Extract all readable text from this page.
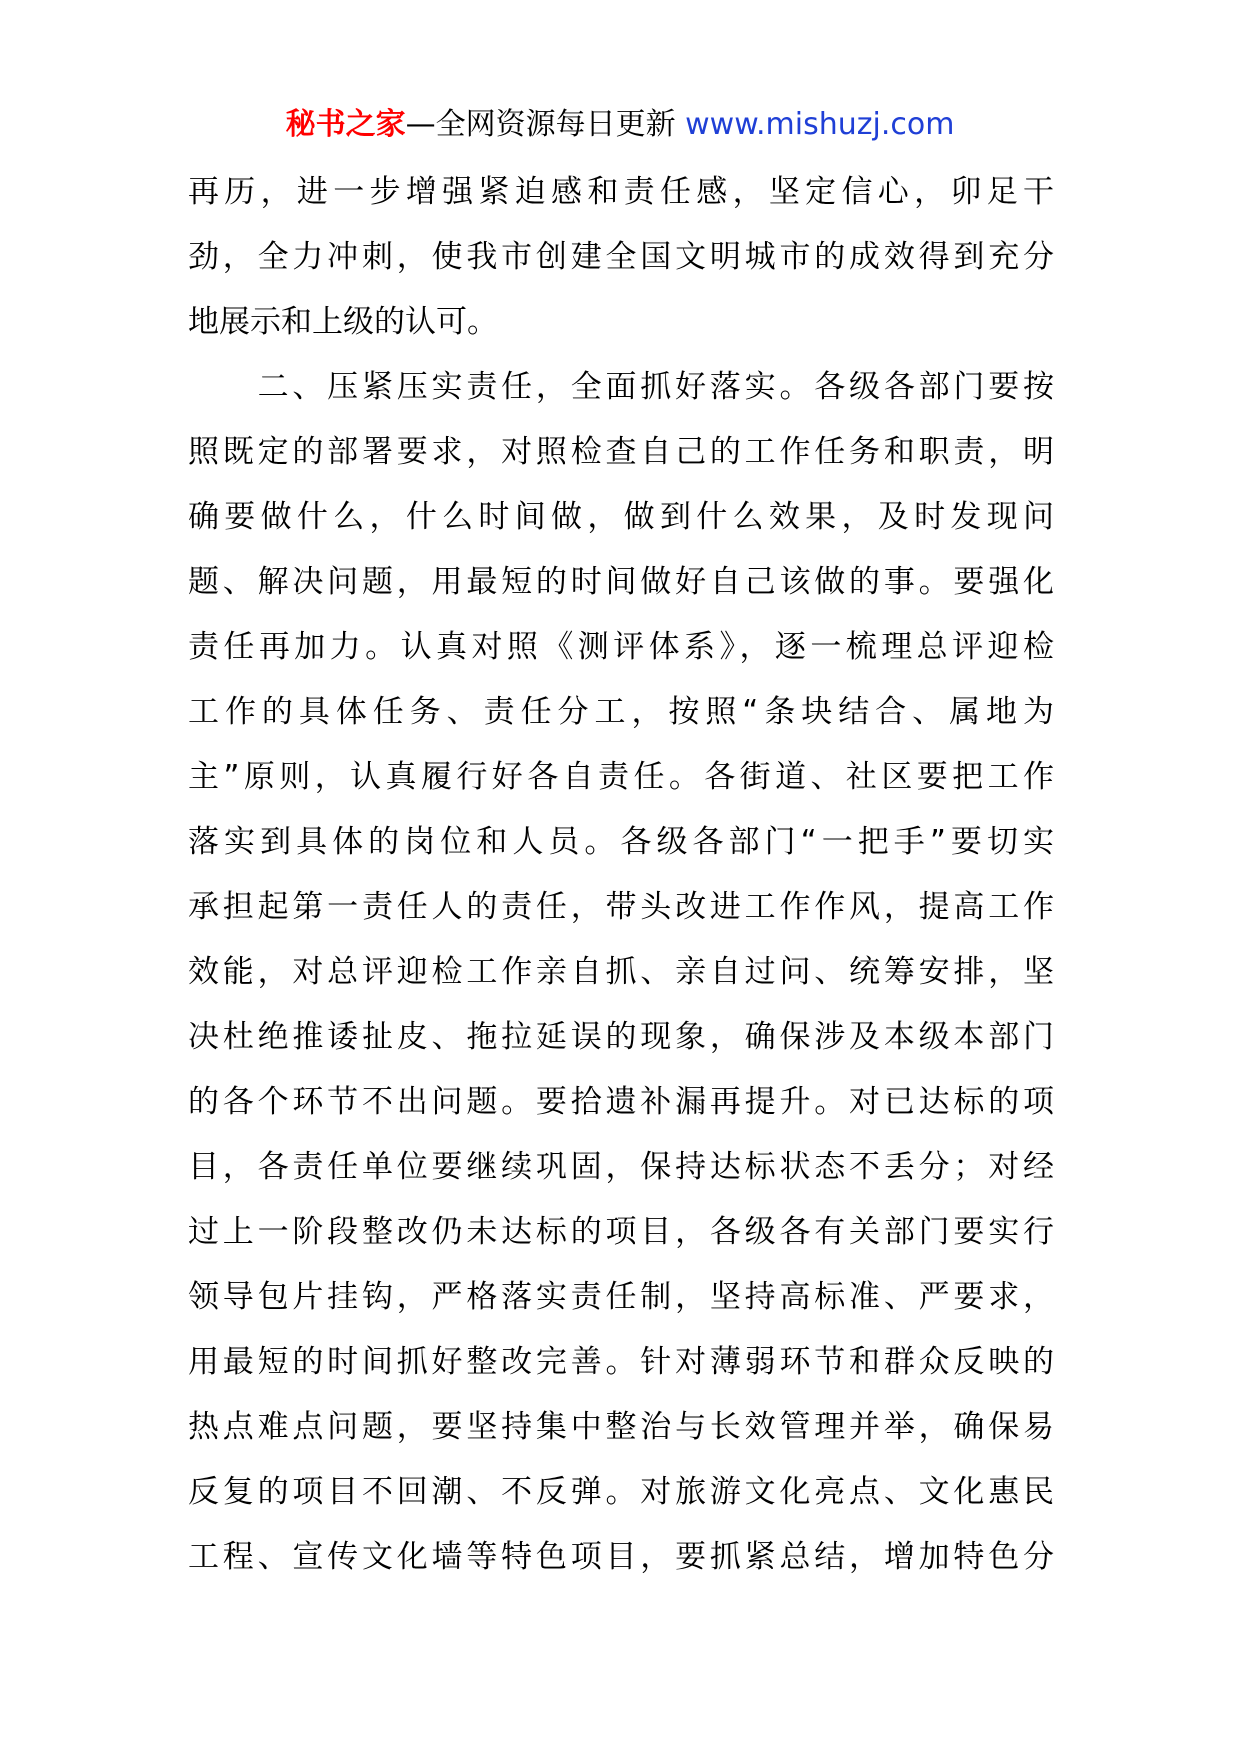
秘书之家—全网资源每日更新 www.mishuzj.com
再历，进一步增强紧迫感和责任感，坚定信心，卯足干
劲，全力冲刺，使我市创建全国文明城市的成效得到充分
地展示和上级的认可。
　　二、压紧压实责任，全面抓好落实。各级各部门要按
照既定的部署要求，对照检查自己的工作任务和职责，明
确要做什么，什么时间做，做到什么效果，及时发现问
题、解决问题，用最短的时间做好自己该做的事。要强化
责任再加力。认真对照《测评体系》，逐一梳理总评迎检
工作的具体任务、责任分工，按照“条块结合、属地为
主”原则，认真履行好各自责任。各街道、社区要把工作
落实到具体的岗位和人员。各级各部门“一把手”要切实
承担起第一责任人的责任，带头改进工作作风，提高工作
效能，对总评迎检工作亲自抓、亲自过问、统筹安排，坚
决杜绝推诿扯皮、拖拉延误的现象，确保涉及本级本部门
的各个环节不出问题。要拾遗补漏再提升。对已达标的项
目，各责任单位要继续巩固，保持达标状态不丢分；对经
过上一阶段整改仍未达标的项目，各级各有关部门要实行
领导包片挂钩，严格落实责任制，坚持高标准、严要求，
用最短的时间抓好整改完善。针对薄弱环节和群众反映的
热点难点问题，要坚持集中整治与长效管理并举，确保易
反复的项目不回潮、不反弹。对旅游文化亮点、文化惠民
工程、宣传文化墙等特色项目，要抓紧总结，增加特色分
